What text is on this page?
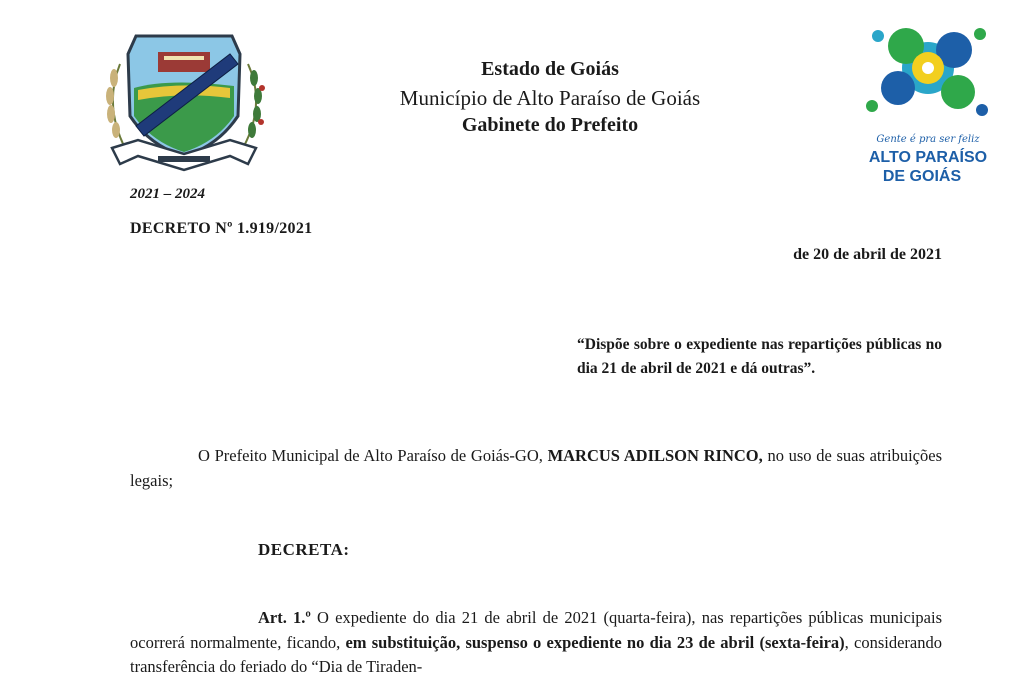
Gente é pra ser feliz
ALTO PARAÍSO
DE GOIÁS
Estado de Goiás
Município de Alto Paraíso de Goiás
Gabinete do Prefeito
2021 – 2024
DECRETO Nº 1.919/2021
de 20 de abril de 2021

“Dispõe sobre o expediente nas repartições públicas no dia 21 de abril de 2021 e dá outras”.

O Prefeito Municipal de Alto Paraíso de Goiás-GO, MARCUS ADILSON RINCO, no uso de suas atribuições legais;

DECRETA:

Art. 1.º O expediente do dia 21 de abril de 2021 (quarta-feira), nas repartições públicas municipais ocorrerá normalmente, ficando, em substituição, suspenso o expediente no dia 23 de abril (sexta-feira), considerando transferência do feriado do “Dia de Tiraden-
